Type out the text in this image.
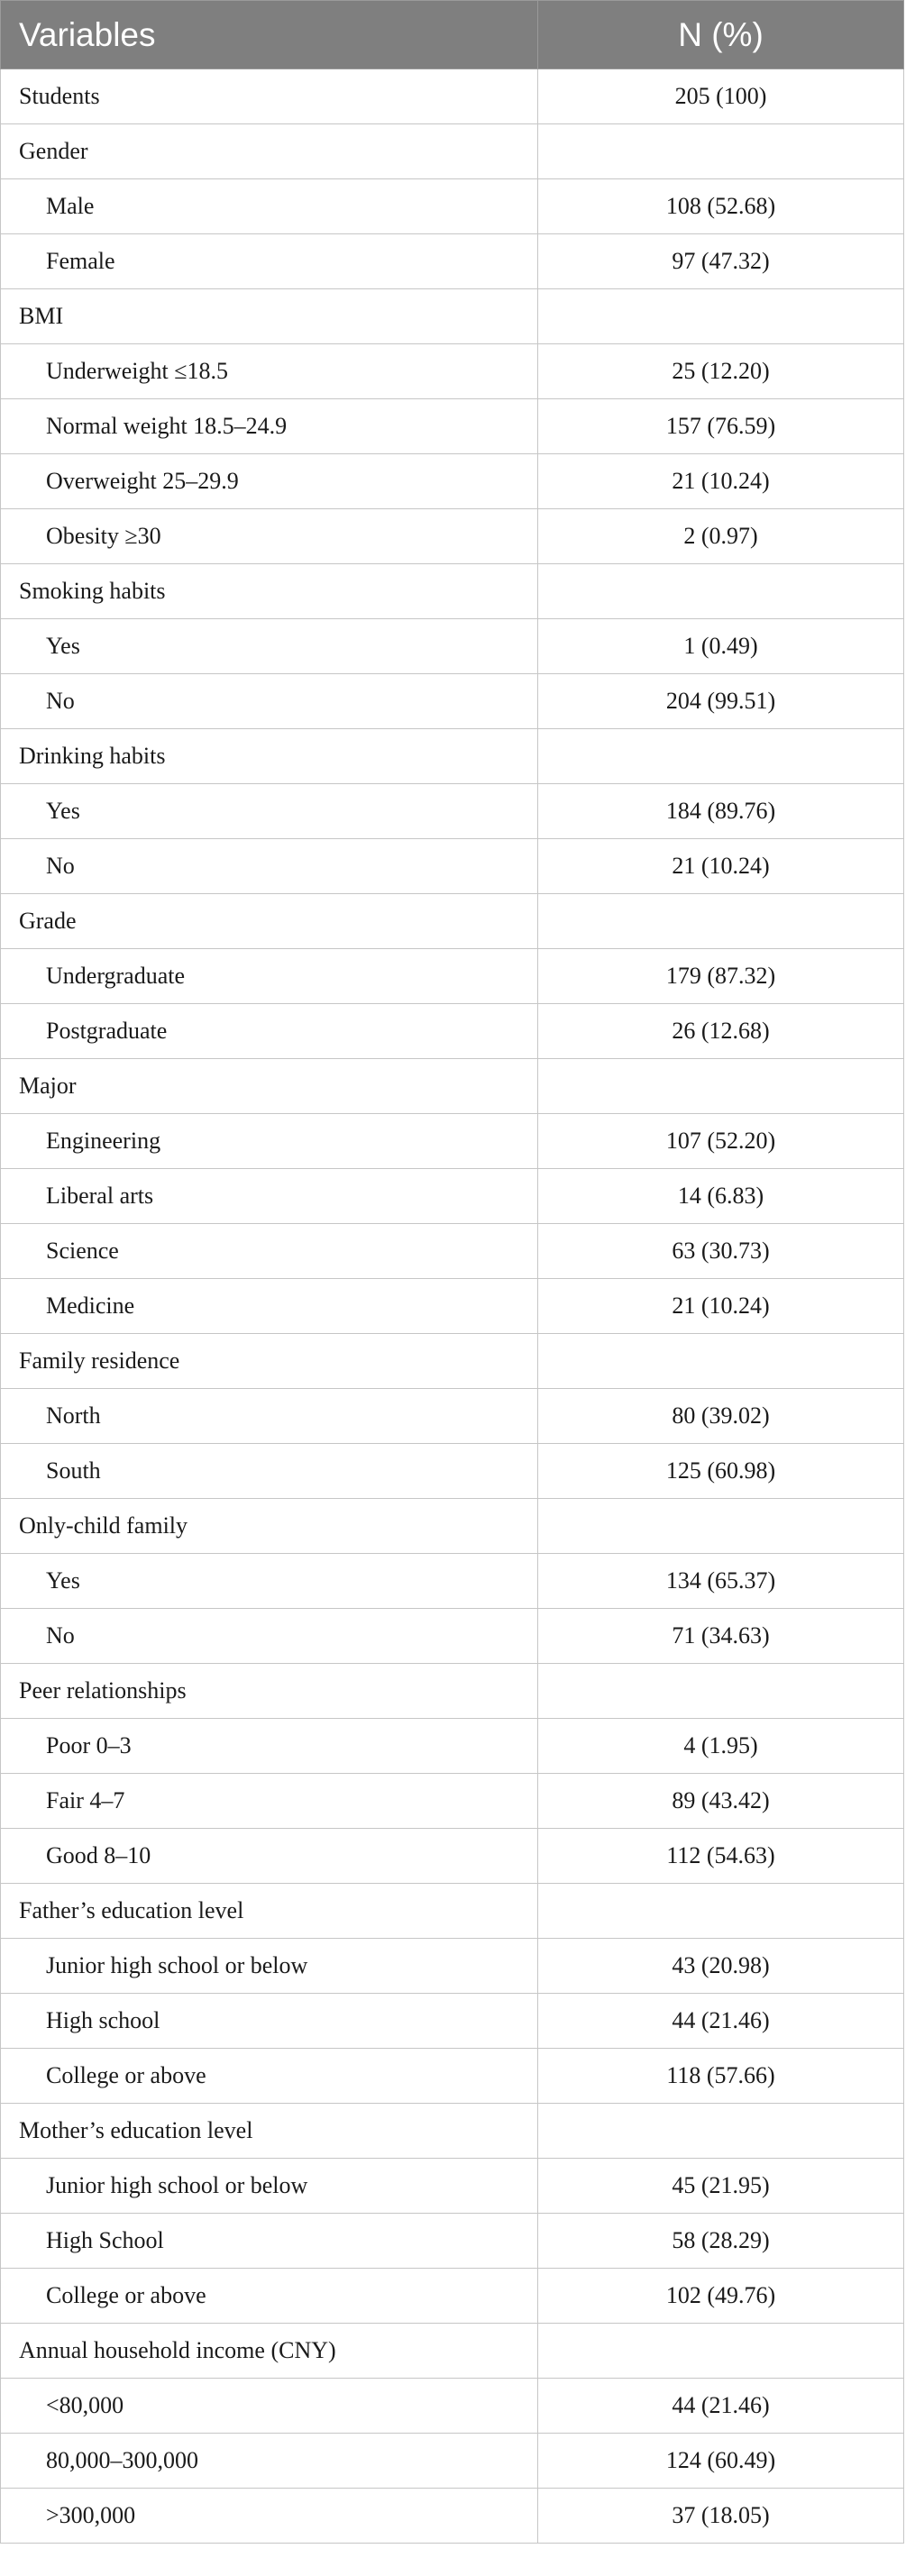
Variables	N (%)
Students	205 (100)
Gender	
Male	108 (52.68)
Female	97 (47.32)
BMI	
Underweight ≤18.5	25 (12.20)
Normal weight 18.5–24.9	157 (76.59)
Overweight 25–29.9	21 (10.24)
Obesity ≥30	2 (0.97)
Smoking habits	
Yes	1 (0.49)
No	204 (99.51)
Drinking habits	
Yes	184 (89.76)
No	21 (10.24)
Grade	
Undergraduate	179 (87.32)
Postgraduate	26 (12.68)
Major	
Engineering	107 (52.20)
Liberal arts	14 (6.83)
Science	63 (30.73)
Medicine	21 (10.24)
Family residence	
North	80 (39.02)
South	125 (60.98)
Only-child family	
Yes	134 (65.37)
No	71 (34.63)
Peer relationships	
Poor 0–3	4 (1.95)
Fair 4–7	89 (43.42)
Good 8–10	112 (54.63)
Father’s education level	
Junior high school or below	43 (20.98)
High school	44 (21.46)
College or above	118 (57.66)
Mother’s education level	
Junior high school or below	45 (21.95)
High School	58 (28.29)
College or above	102 (49.76)
Annual household income (CNY)	
<80,000	44 (21.46)
80,000–300,000	124 (60.49)
>300,000	37 (18.05)
